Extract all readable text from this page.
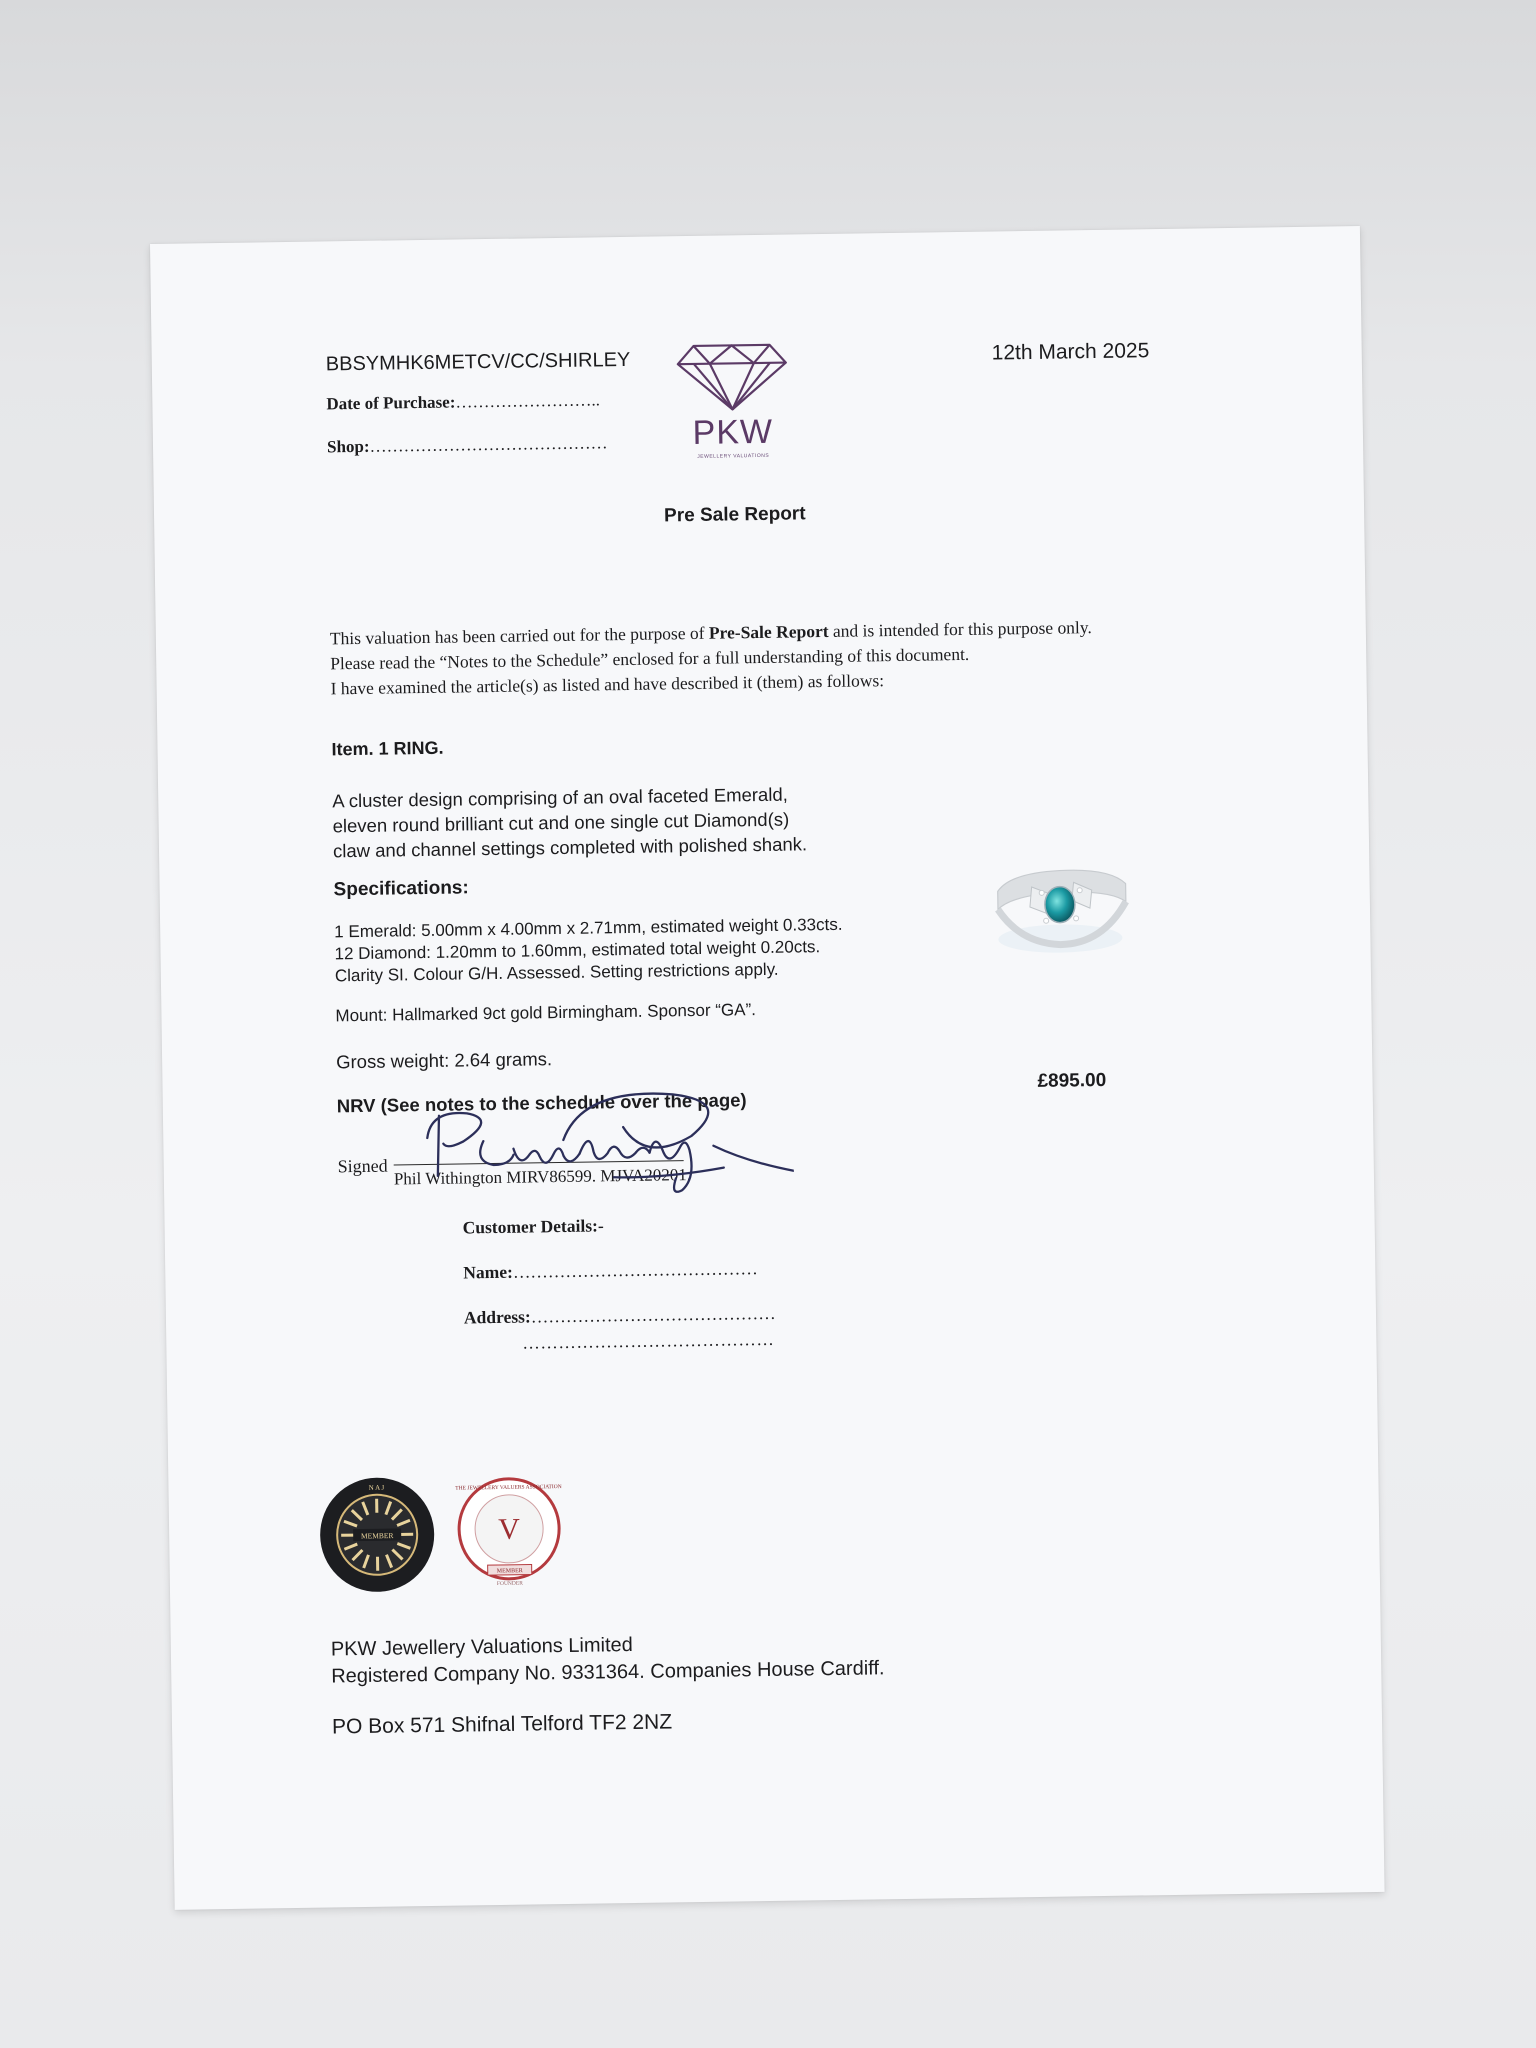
BBSYMHK6METCV/CC/SHIRLEY	12th March 2025
Date of Purchase:……………………..
Shop:……………………………………	PKW
JEWELLERY VALUATIONS
Pre Sale Report
This valuation has been carried out for the purpose of Pre-Sale Report and is intended for this purpose only.
Please read the “Notes to the Schedule” enclosed for a full understanding of this document.
I have examined the article(s) as listed and have described it (them) as follows:
Item. 1 RING.
A cluster design comprising of an oval faceted Emerald,
eleven round brilliant cut and one single cut Diamond(s)
claw and channel settings completed with polished shank.
Specifications:
1 Emerald: 5.00mm x 4.00mm x 2.71mm, estimated weight 0.33cts.
12 Diamond: 1.20mm to 1.60mm, estimated total weight 0.20cts.
Clarity SI. Colour G/H. Assessed. Setting restrictions apply.
Mount: Hallmarked 9ct gold Birmingham. Sponsor “GA”.
Gross weight: 2.64 grams.
NRV (See notes to the schedule over the page)
£895.00
Signed Phil Withington MIRV86599. MJVA20201.
Customer Details:-
Name:……………………………………
Address:……………………………………
……………………………………
MEMBER
N A J
V
THE JEWELLERY VALUERS ASSOCIATION
MEMBER
FOUNDER
PKW Jewellery Valuations Limited
Registered Company No. 9331364. Companies House Cardiff.
PO Box 571 Shifnal Telford TF2 2NZ
